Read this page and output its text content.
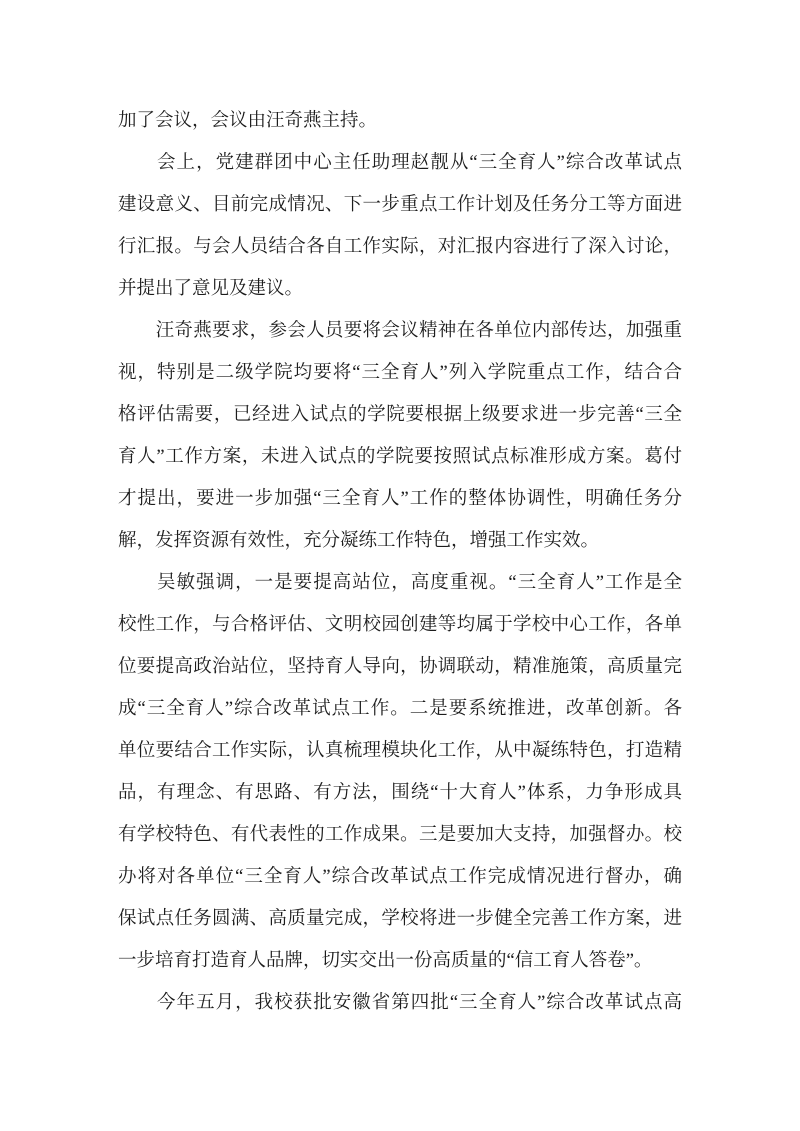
加了会议，会议由汪奇燕主持。
　　会上，党建群团中心主任助理赵靓从“三全育人”综合改革试点
建设意义、目前完成情况、下一步重点工作计划及任务分工等方面进
行汇报。与会人员结合各自工作实际，对汇报内容进行了深入讨论，
并提出了意见及建议。
　　汪奇燕要求，参会人员要将会议精神在各单位内部传达，加强重
视，特别是二级学院均要将“三全育人”列入学院重点工作，结合合
格评估需要，已经进入试点的学院要根据上级要求进一步完善“三全
育人”工作方案，未进入试点的学院要按照试点标准形成方案。葛付
才提出，要进一步加强“三全育人”工作的整体协调性，明确任务分
解，发挥资源有效性，充分凝练工作特色，增强工作实效。
　　吴敏强调，一是要提高站位，高度重视。“三全育人”工作是全
校性工作，与合格评估、文明校园创建等均属于学校中心工作，各单
位要提高政治站位，坚持育人导向，协调联动，精准施策，高质量完
成“三全育人”综合改革试点工作。二是要系统推进，改革创新。各
单位要结合工作实际，认真梳理模块化工作，从中凝练特色，打造精
品，有理念、有思路、有方法，围绕“十大育人”体系，力争形成具
有学校特色、有代表性的工作成果。三是要加大支持，加强督办。校
办将对各单位“三全育人”综合改革试点工作完成情况进行督办，确
保试点任务圆满、高质量完成，学校将进一步健全完善工作方案，进
一步培育打造育人品牌，切实交出一份高质量的“信工育人答卷”。
　　今年五月，我校获批安徽省第四批“三全育人”综合改革试点高
